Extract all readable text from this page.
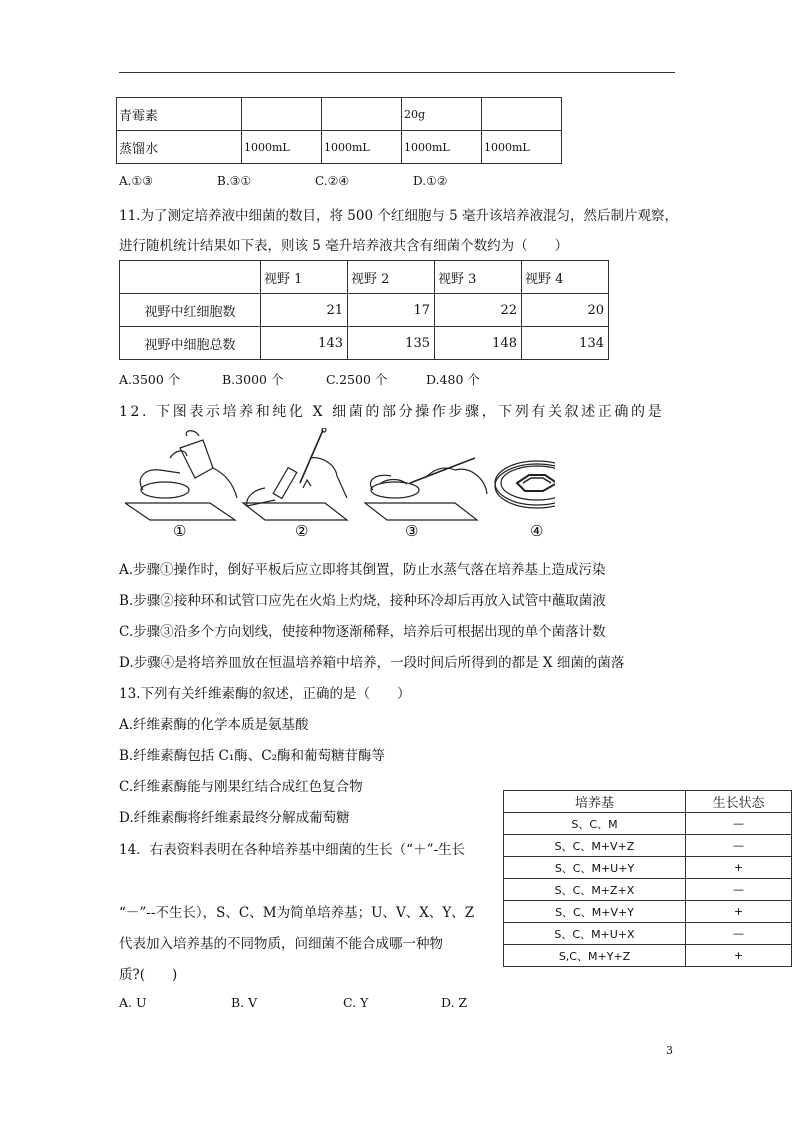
青霉素			20g	
蒸馏水	1000mL	1000mL	1000mL	1000mL
A.①③	B.③①	C.②④	D.①②
11.为了测定培养液中细菌的数目，将 500 个红细胞与 5 毫升该培养液混匀，然后制片观察，
进行随机统计结果如下表，则该 5 毫升培养液共含有细菌个数约为（　　）
	视野 1	视野 2	视野 3	视野 4
视野中红细胞数	21	17	22	20
视野中细胞总数	143	135	148	134
A.3500 个	B.3000 个	C.2500 个	D.480 个
12. 下图表示培养和纯化 X 细菌的部分操作步骤，下列有关叙述正确的是
①	②	③	④
A.步骤①操作时，倒好平板后应立即将其倒置，防止水蒸气落在培养基上造成污染
B.步骤②接种环和试管口应先在火焰上灼烧，接种环冷却后再放入试管中蘸取菌液
C.步骤③沿多个方向划线，使接种物逐渐稀释，培养后可根据出现的单个菌落计数
D.步骤④是将培养皿放在恒温培养箱中培养，一段时间后所得到的都是 X 细菌的菌落
13.下列有关纤维素酶的叙述，正确的是（　　）
A.纤维素酶的化学本质是氨基酸
B.纤维素酶包括 C₁酶、C₂酶和葡萄糖苷酶等
C.纤维素酶能与刚果红结合成红色复合物
D.纤维素酶将纤维素最终分解成葡萄糖
14．右表资料表明在各种培养基中细菌的生长（“＋”-生长
“－”--不生长），S、C、M为简单培养基；U、V、X、Y、Z
代表加入培养基的不同物质，问细菌不能合成哪一种物
质?(　　)
A. U	B. V	C. Y	D. Z
培养基	生长状态
S、C、M	—
S、C、M+V+Z	—
S、C、M+U+Y	+
S、C、M+Z+X	—
S、C、M+V+Y	+
S、C、M+U+X	—
S,C、M+Y+Z	+
3
